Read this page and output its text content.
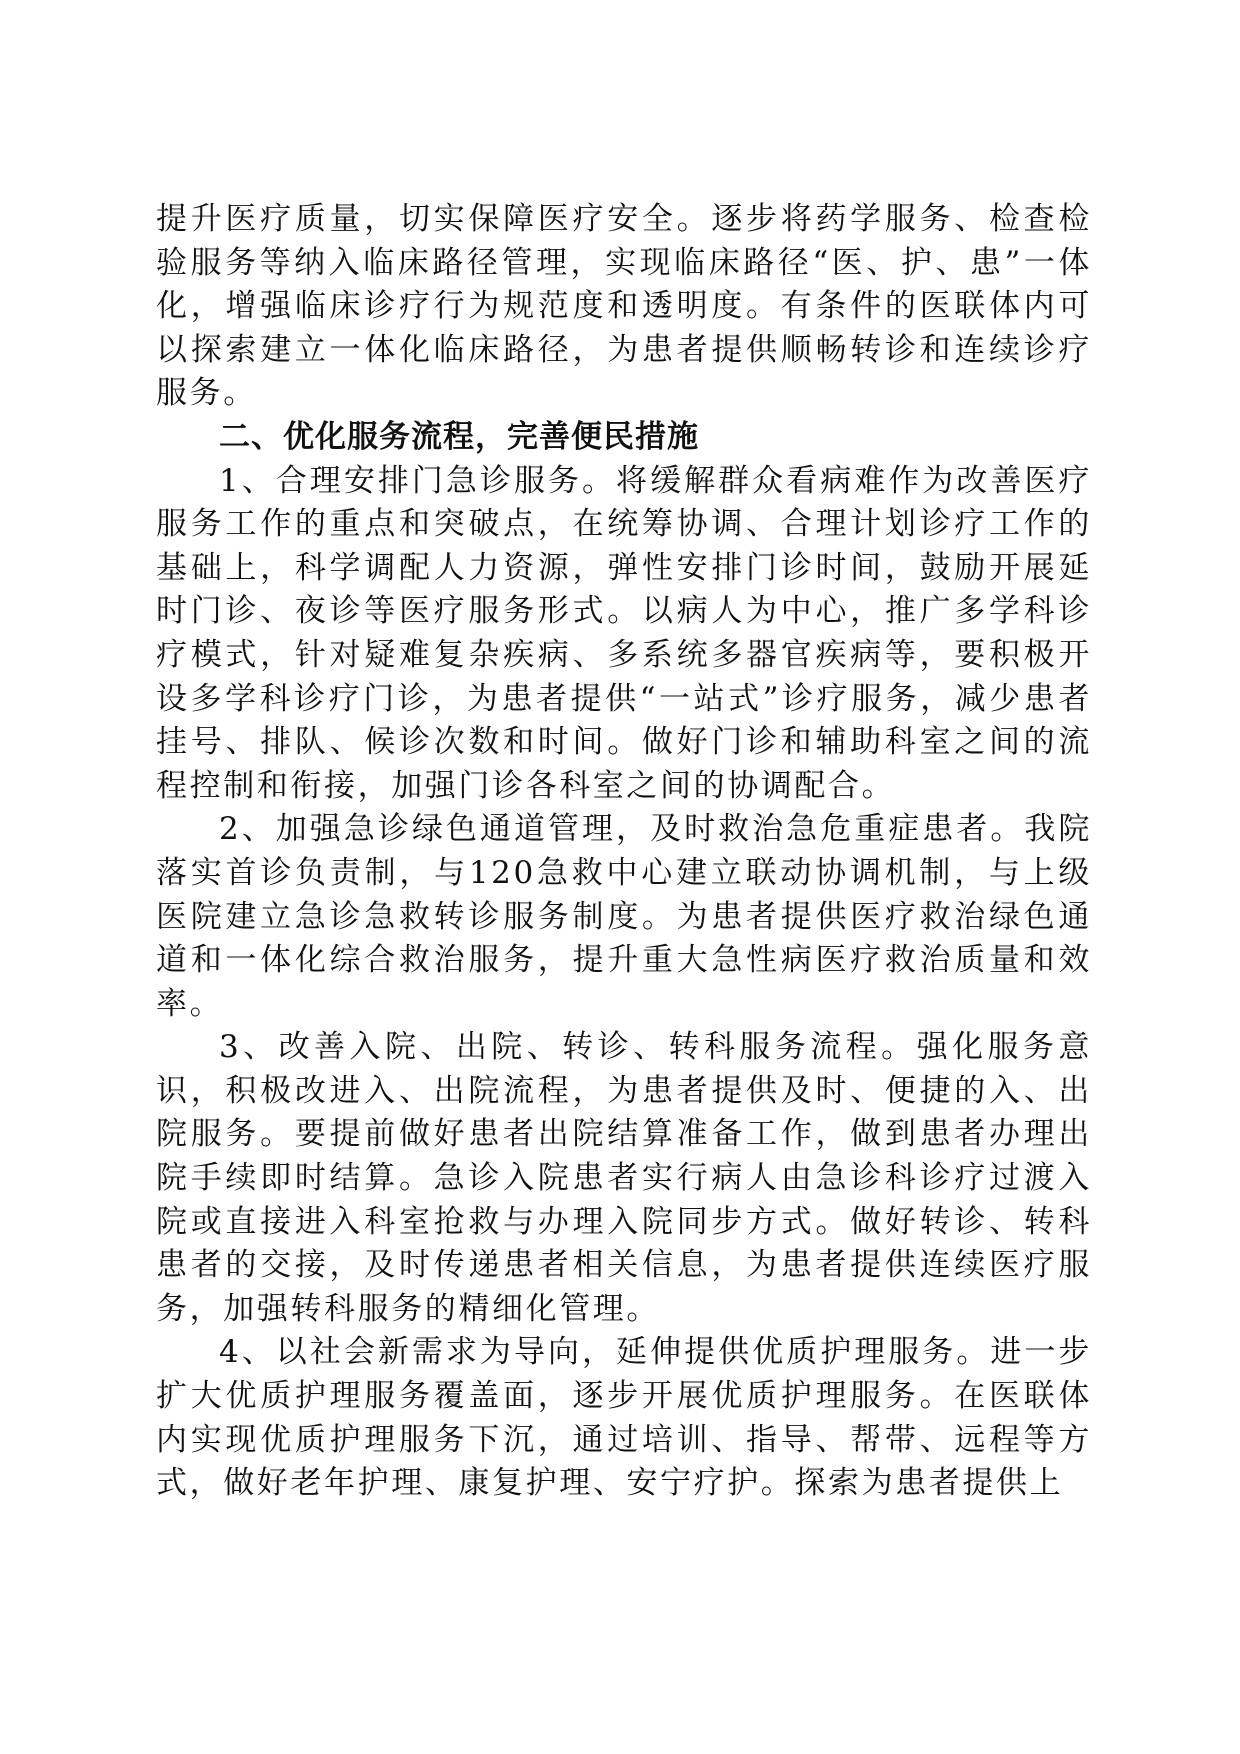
提升医疗质量，切实保障医疗安全。逐步将药学服务、检查检验服务等纳入临床路径管理，实现临床路径“医、护、患”一体化，增强临床诊疗行为规范度和透明度。有条件的医联体内可以探索建立一体化临床路径，为患者提供顺畅转诊和连续诊疗服务。

二、优化服务流程，完善便民措施

1、合理安排门急诊服务。将缓解群众看病难作为改善医疗服务工作的重点和突破点，在统筹协调、合理计划诊疗工作的基础上，科学调配人力资源，弹性安排门诊时间，鼓励开展延时门诊、夜诊等医疗服务形式。以病人为中心，推广多学科诊疗模式，针对疑难复杂疾病、多系统多器官疾病等，要积极开设多学科诊疗门诊，为患者提供“一站式”诊疗服务，减少患者挂号、排队、候诊次数和时间。做好门诊和辅助科室之间的流程控制和衔接，加强门诊各科室之间的协调配合。

2、加强急诊绿色通道管理，及时救治急危重症患者。我院落实首诊负责制，与120急救中心建立联动协调机制，与上级医院建立急诊急救转诊服务制度。为患者提供医疗救治绿色通道和一体化综合救治服务，提升重大急性病医疗救治质量和效率。

3、改善入院、出院、转诊、转科服务流程。强化服务意识，积极改进入、出院流程，为患者提供及时、便捷的入、出院服务。要提前做好患者出院结算准备工作，做到患者办理出院手续即时结算。急诊入院患者实行病人由急诊科诊疗过渡入院或直接进入科室抢救与办理入院同步方式。做好转诊、转科患者的交接，及时传递患者相关信息，为患者提供连续医疗服务，加强转科服务的精细化管理。

4、以社会新需求为导向，延伸提供优质护理服务。进一步扩大优质护理服务覆盖面，逐步开展优质护理服务。在医联体内实现优质护理服务下沉，通过培训、指导、帮带、远程等方式，做好老年护理、康复护理、安宁疗护。探索为患者提供上
